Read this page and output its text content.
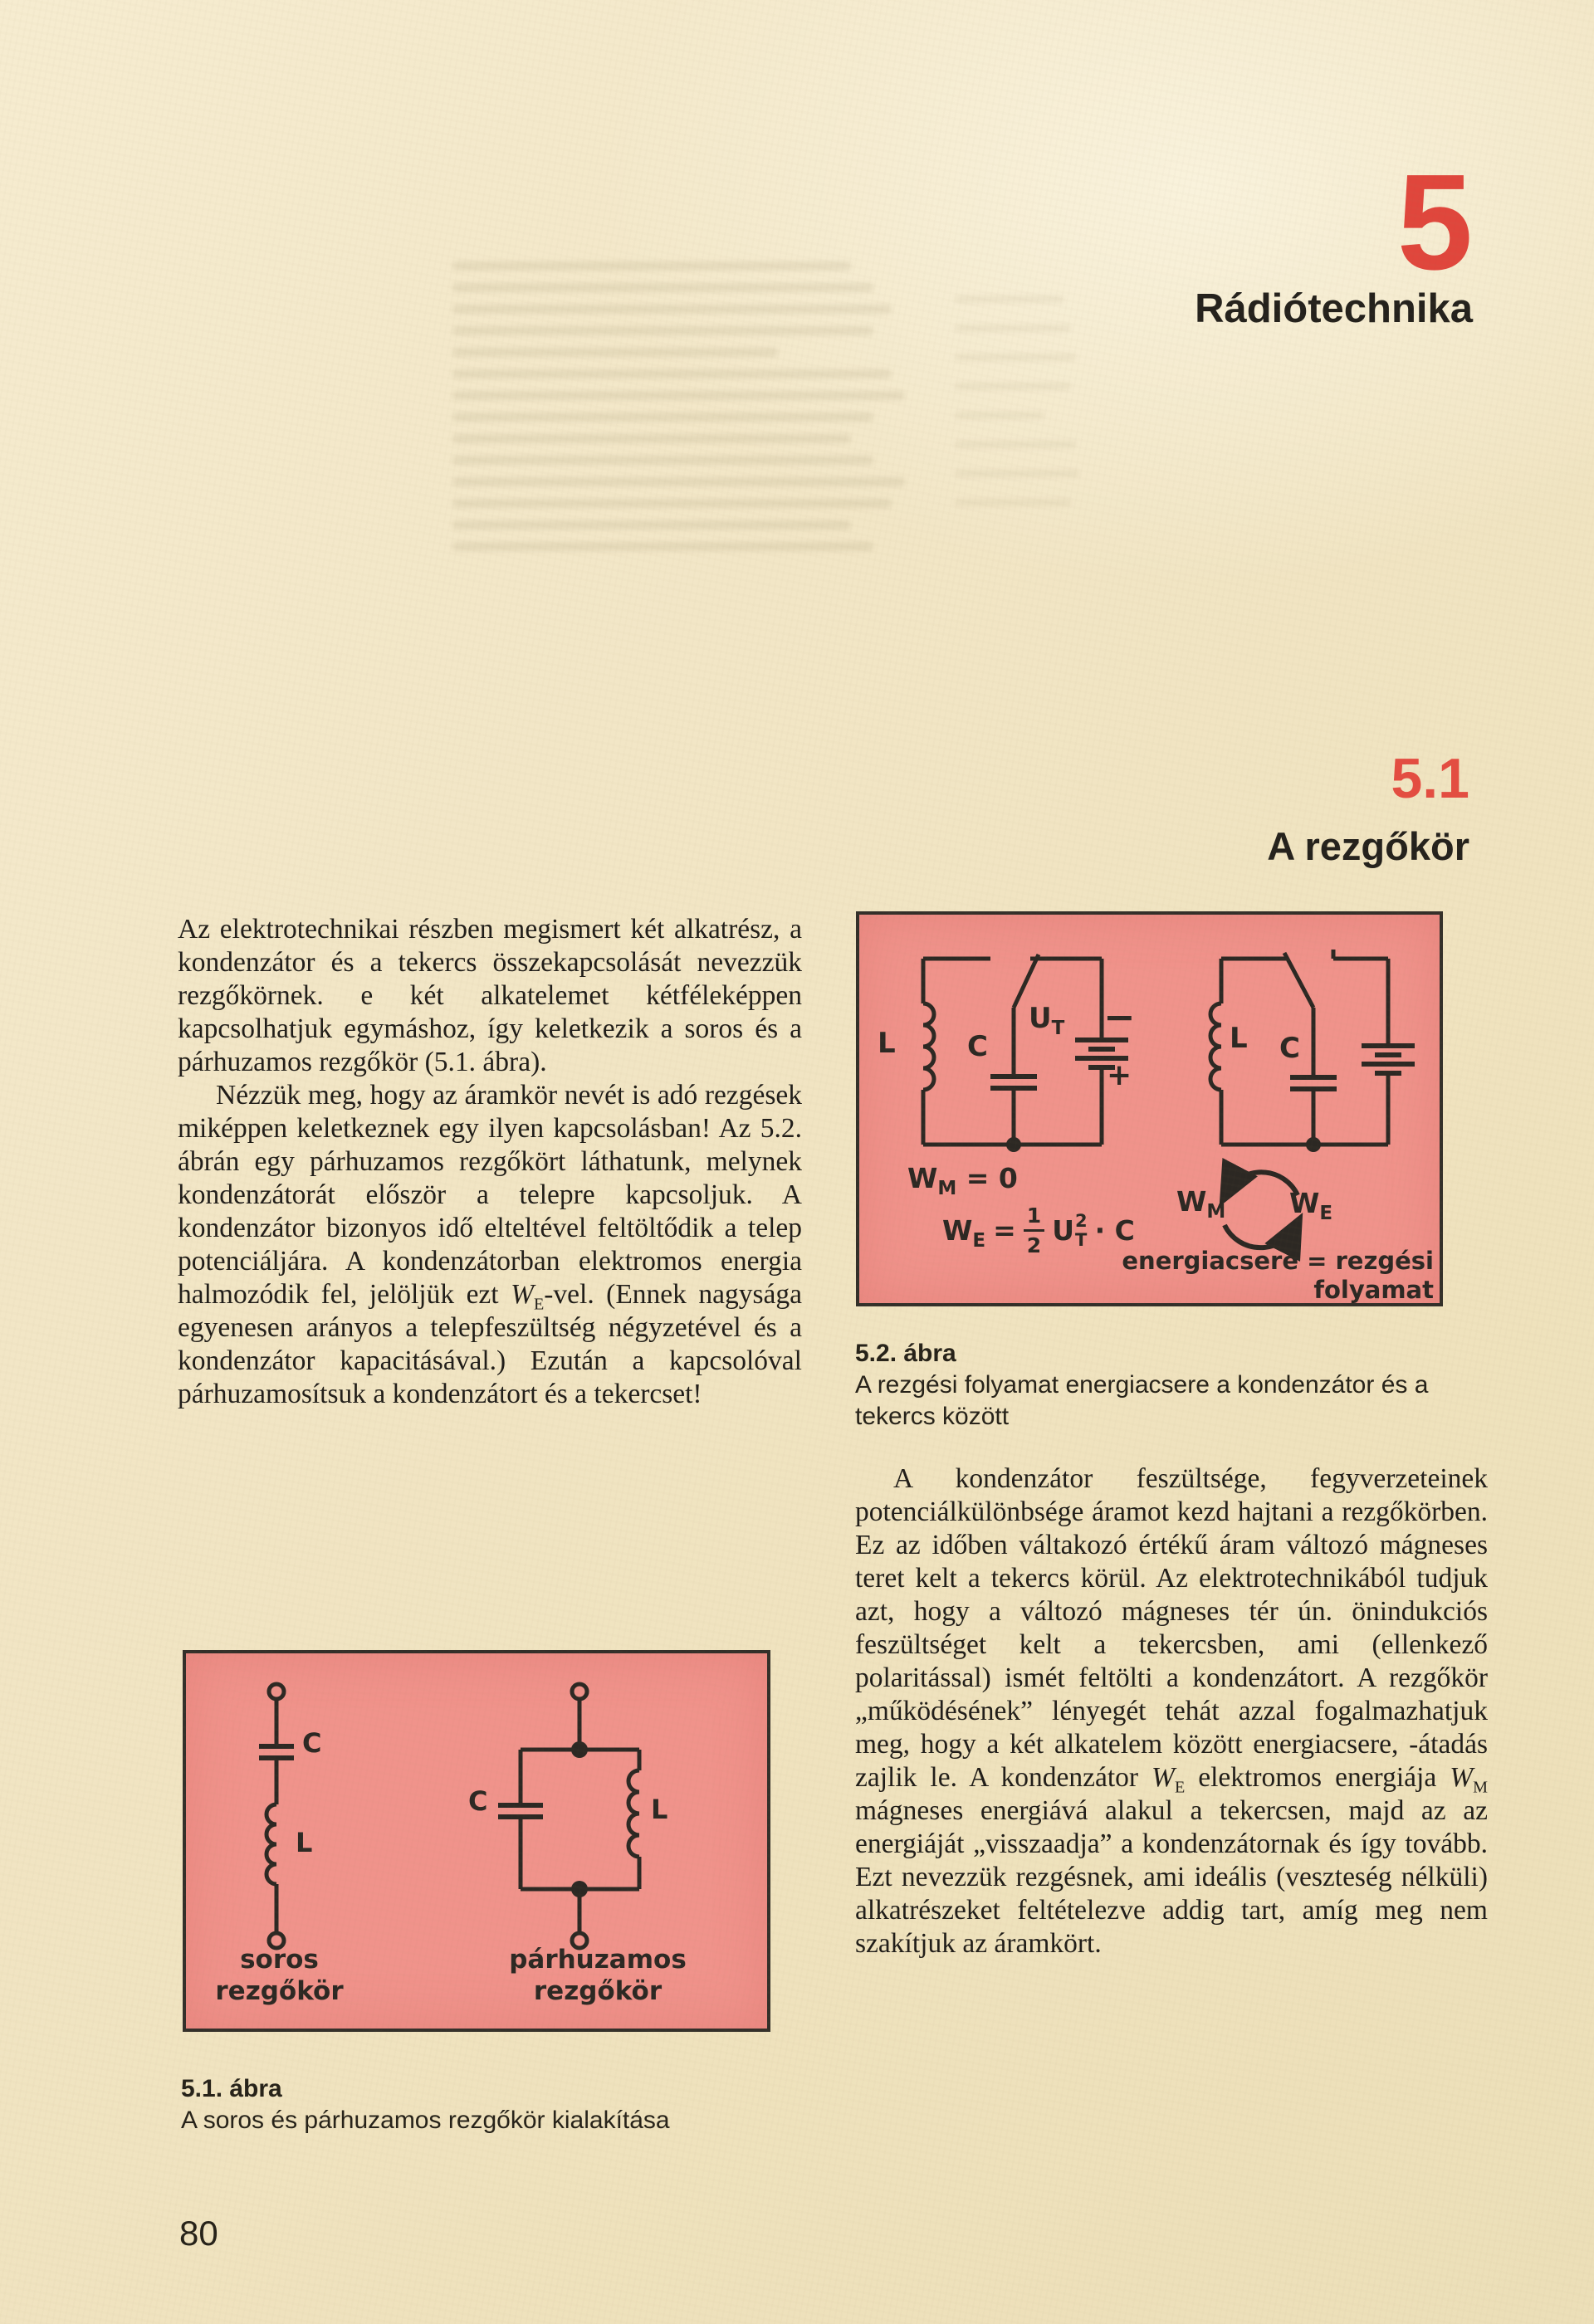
5
Rádiótechnika
5.1
A rezgőkör

Az elektrotechnikai részben megismert két alkatrész, a kondenzátor és a tekercs összekapcsolását nevezzük rezgőkörnek. e két alkatelemet kétféleképpen kapcsolhatjuk egymáshoz, így keletkezik a soros és a párhuzamos rezgőkör (5.1. ábra).

Nézzük meg, hogy az áramkör nevét is adó rezgések miképpen keletkeznek egy ilyen kapcsolásban! Az 5.2. ábrán egy párhuzamos rezgőkört láthatunk, melynek kondenzátorát először a telepre kapcsoljuk. A kondenzátor bizonyos idő elteltével feltöltődik a telep potenciáljára. A kondenzátorban elektromos energia halmozódik fel, jelöljük ezt $W_E$-vel. (Ennek nagysága egyenesen arányos a telepfeszültség négyzetével és a kondenzátor kapacitásával.) Ezután a kapcsolóval párhuzamosítsuk a kondenzátort és a tekercset!

L	C
$U_T$ −
+
L C
$W_M = 0$
$W_E = \frac{1}{2}$ U 2
T · C
$W_M$ $W_E$
energiacsere = rezgési
folyamat
5.2. ábra
A rezgési folyamat energiacsere a kondenzátor és a tekercs között

A kondenzátor feszültsége, fegyverzeteinek potenciálkülönbsége áramot kezd hajtani a rezgőkörben. Ez az időben váltakozó értékű áram változó mágneses teret kelt a tekercs körül. Az elektrotechnikából tudjuk azt, hogy a változó mágneses tér ún. önindukciós feszültséget kelt a tekercsben, ami (ellenkező polaritással) ismét feltölti a kondenzátort. A rezgőkör „működésének” lényegét tehát azzal fogalmazhatjuk meg, hogy a két alkatelem között energiacsere, -átadás zajlik le. A kondenzátor $W_E$ elektromos energiája $W_M$ mágneses energiává alakul a tekercsen, majd az az energiáját „visszaadja” a kondenzátornak és így tovább. Ezt nevezzük rezgésnek, ami ideális (veszteség nélküli) alkatrészeket feltételezve addig tart, amíg meg nem szakítjuk az áramkört.

C
L
C	L
soros
rezgőkör
párhuzamos
rezgőkör
5.1. ábra
A soros és párhuzamos rezgőkör kialakítása
80
